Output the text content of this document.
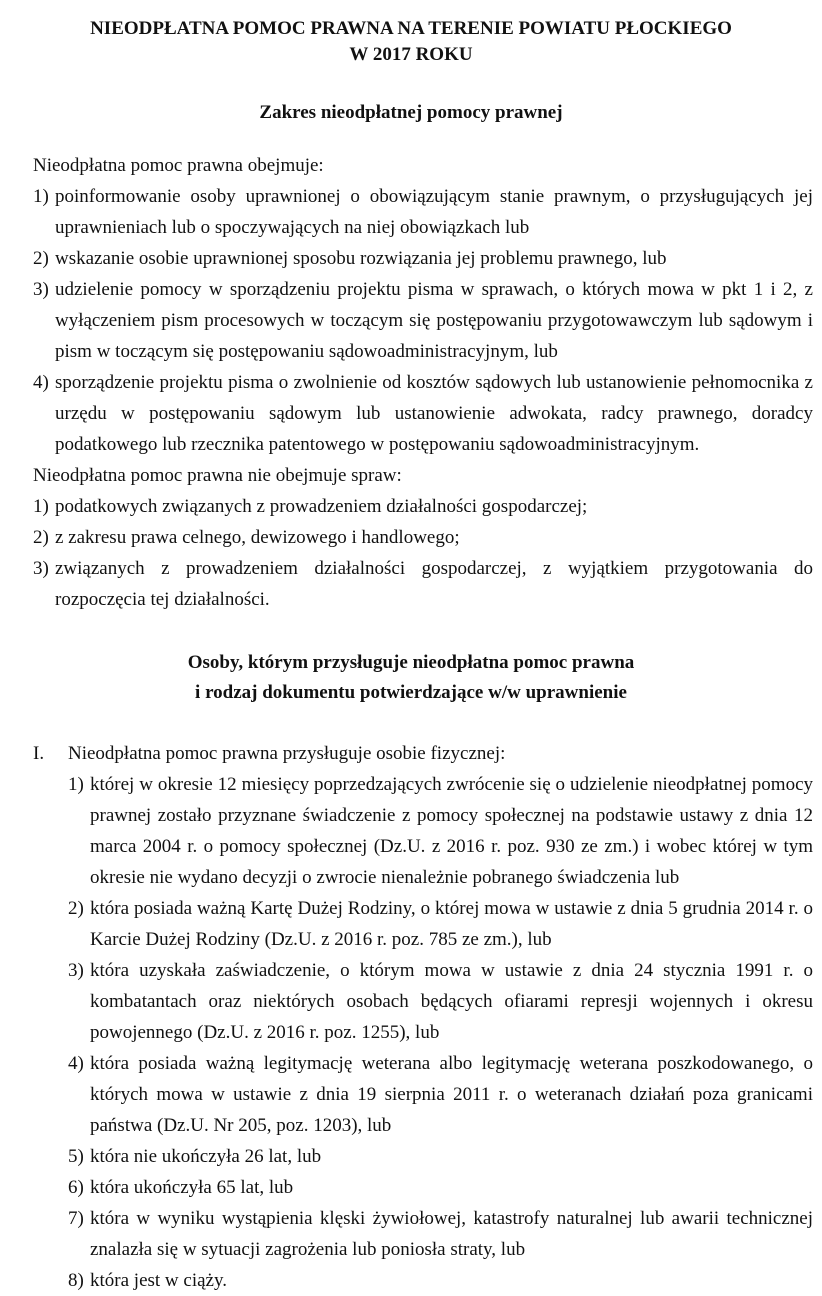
NIEODPŁATNA POMOC PRAWNA NA TERENIE POWIATU PŁOCKIEGO
W 2017 ROKU
Zakres nieodpłatnej pomocy prawnej
Nieodpłatna pomoc prawna obejmuje:
1) poinformowanie osoby uprawnionej o obowiązującym stanie prawnym, o przysługujących jej uprawnieniach lub o spoczywających na niej obowiązkach lub
2) wskazanie osobie uprawnionej sposobu rozwiązania jej problemu prawnego, lub
3) udzielenie pomocy w sporządzeniu projektu pisma w sprawach, o których mowa w pkt 1 i 2, z wyłączeniem pism procesowych w toczącym się postępowaniu przygotowawczym lub sądowym i pism w toczącym się postępowaniu sądowoadministracyjnym, lub
4) sporządzenie projektu pisma o zwolnienie od kosztów sądowych lub ustanowienie pełnomocnika z urzędu w postępowaniu sądowym lub ustanowienie adwokata, radcy prawnego, doradcy podatkowego lub rzecznika patentowego w postępowaniu sądowoadministracyjnym.
Nieodpłatna pomoc prawna nie obejmuje spraw:
1) podatkowych związanych z prowadzeniem działalności gospodarczej;
2) z zakresu prawa celnego, dewizowego i handlowego;
3) związanych z prowadzeniem działalności gospodarczej, z wyjątkiem przygotowania do rozpoczęcia tej działalności.
Osoby, którym przysługuje nieodpłatna pomoc prawna
i rodzaj dokumentu potwierdzające w/w uprawnienie
I. Nieodpłatna pomoc prawna przysługuje osobie fizycznej:
1) której w okresie 12 miesięcy poprzedzających zwrócenie się o udzielenie nieodpłatnej pomocy prawnej zostało przyznane świadczenie z pomocy społecznej na podstawie ustawy z dnia 12 marca 2004 r. o pomocy społecznej (Dz.U. z 2016 r. poz. 930 ze zm.) i wobec której w tym okresie nie wydano decyzji o zwrocie nienależnie pobranego świadczenia lub
2) która posiada ważną Kartę Dużej Rodziny, o której mowa w ustawie z dnia 5 grudnia 2014 r. o Karcie Dużej Rodziny (Dz.U. z 2016 r. poz. 785 ze zm.), lub
3) która uzyskała zaświadczenie, o którym mowa w ustawie z dnia 24 stycznia 1991 r. o kombatantach oraz niektórych osobach będących ofiarami represji wojennych i okresu powojennego (Dz.U. z 2016 r. poz. 1255), lub
4) która posiada ważną legitymację weterana albo legitymację weterana poszkodowanego, o których mowa w ustawie z dnia 19 sierpnia 2011 r. o weteranach działań poza granicami państwa (Dz.U. Nr 205, poz. 1203), lub
5) która nie ukończyła 26 lat, lub
6) która ukończyła 65 lat, lub
7) która w wyniku wystąpienia klęski żywiołowej, katastrofy naturalnej lub awarii technicznej znalazła się w sytuacji zagrożenia lub poniosła straty, lub
8) która jest w ciąży.
